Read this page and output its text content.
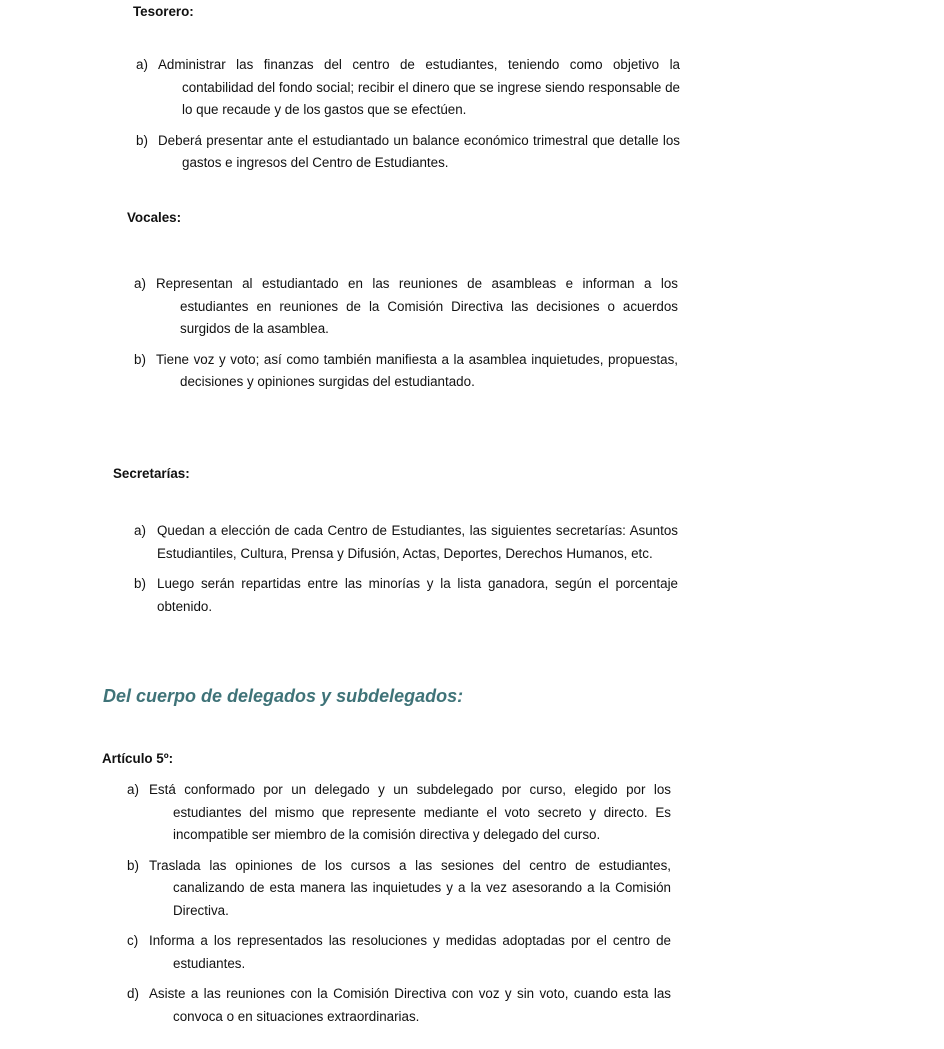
Tesorero:

a) Administrar las finanzas del centro de estudiantes, teniendo como objetivo la contabilidad del fondo social; recibir el dinero que se ingrese siendo responsable de lo que recaude y de los gastos que se efectúen.

b) Deberá presentar ante el estudiantado un balance económico trimestral que detalle los gastos e ingresos del Centro de Estudiantes.

Vocales:

a) Representan al estudiantado en las reuniones de asambleas e informan a los estudiantes en reuniones de la Comisión Directiva las decisiones o acuerdos surgidos de la asamblea.

b) Tiene voz y voto; así como también manifiesta a la asamblea inquietudes, propuestas, decisiones y opiniones surgidas del estudiantado.

Secretarías:

a) Quedan a elección de cada Centro de Estudiantes, las siguientes secretarías: Asuntos Estudiantiles, Cultura, Prensa y Difusión, Actas, Deportes, Derechos Humanos, etc.

b) Luego serán repartidas entre las minorías y la lista ganadora, según el porcentaje obtenido.

Del cuerpo de delegados y subdelegados:

Artículo 5º:

a) Está conformado por un delegado y un subdelegado por curso, elegido por los estudiantes del mismo que represente mediante el voto secreto y directo. Es incompatible ser miembro de la comisión directiva y delegado del curso.

b) Traslada las opiniones de los cursos a las sesiones del centro de estudiantes, canalizando de esta manera las inquietudes y a la vez asesorando a la Comisión Directiva.

c) Informa a los representados las resoluciones y medidas adoptadas por el centro de estudiantes.

d) Asiste a las reuniones con la Comisión Directiva con voz y sin voto, cuando esta las convoca o en situaciones extraordinarias.
